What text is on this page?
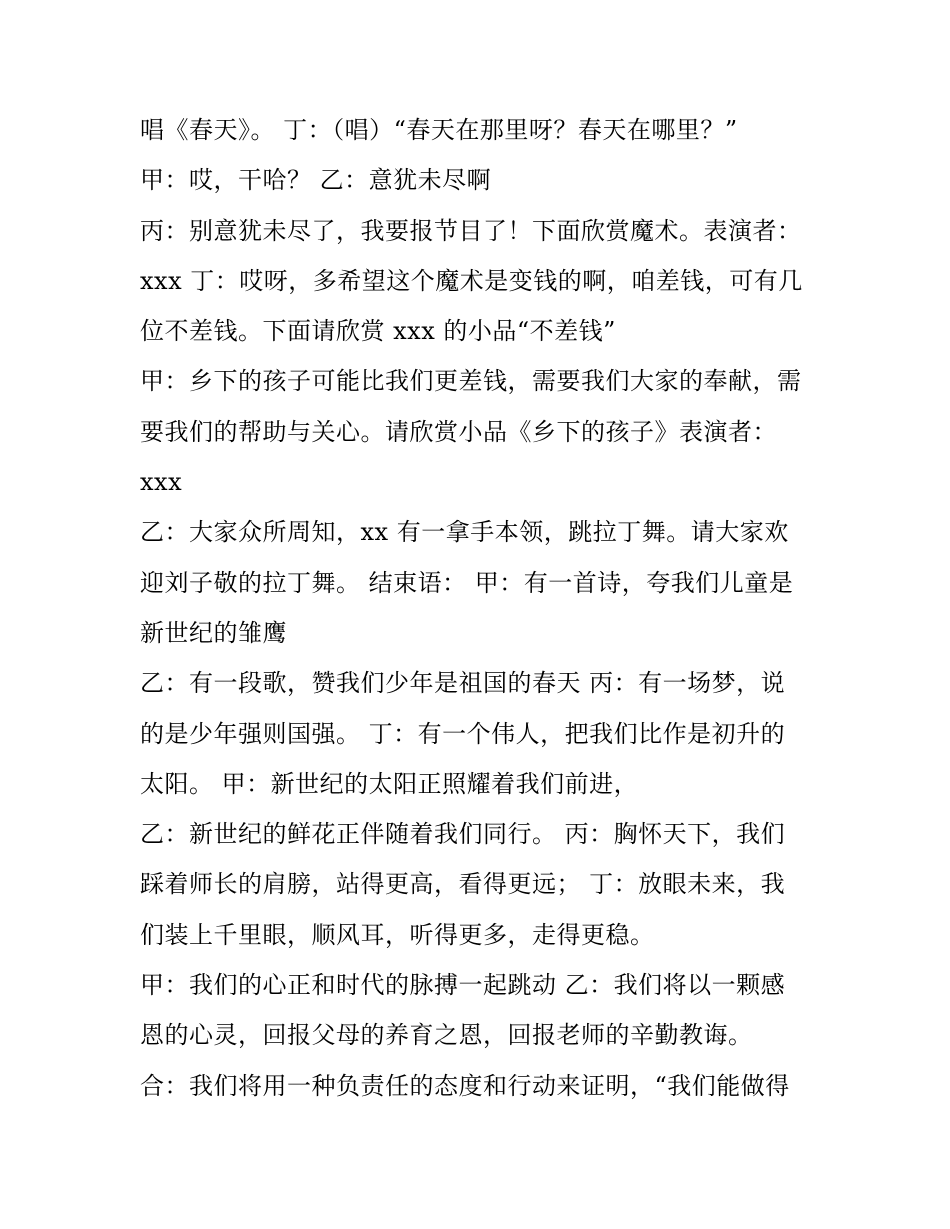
唱《春天》。 丁：（唱）“春天在那里呀？春天在哪里？”
甲：哎，干哈？ 乙：意犹未尽啊
丙：别意犹未尽了，我要报节目了！下面欣赏魔术。表演者：
xxx 丁：哎呀，多希望这个魔术是变钱的啊，咱差钱，可有几
位不差钱。下面请欣赏 xxx 的小品“不差钱”
甲：乡下的孩子可能比我们更差钱，需要我们大家的奉献，需
要我们的帮助与关心。请欣赏小品《乡下的孩子》表演者：
xxx
乙：大家众所周知，xx 有一拿手本领，跳拉丁舞。请大家欢
迎刘子敬的拉丁舞。 结束语： 甲：有一首诗，夸我们儿童是
新世纪的雏鹰
乙：有一段歌，赞我们少年是祖国的春天 丙：有一场梦，说
的是少年强则国强。 丁：有一个伟人，把我们比作是初升的
太阳。 甲：新世纪的太阳正照耀着我们前进，
乙：新世纪的鲜花正伴随着我们同行。 丙：胸怀天下，我们
踩着师长的肩膀，站得更高，看得更远； 丁：放眼未来，我
们装上千里眼，顺风耳，听得更多，走得更稳。
甲：我们的心正和时代的脉搏一起跳动 乙：我们将以一颗感
恩的心灵，回报父母的养育之恩，回报老师的辛勤教诲。
合：我们将用一种负责任的态度和行动来证明，“我们能做得
